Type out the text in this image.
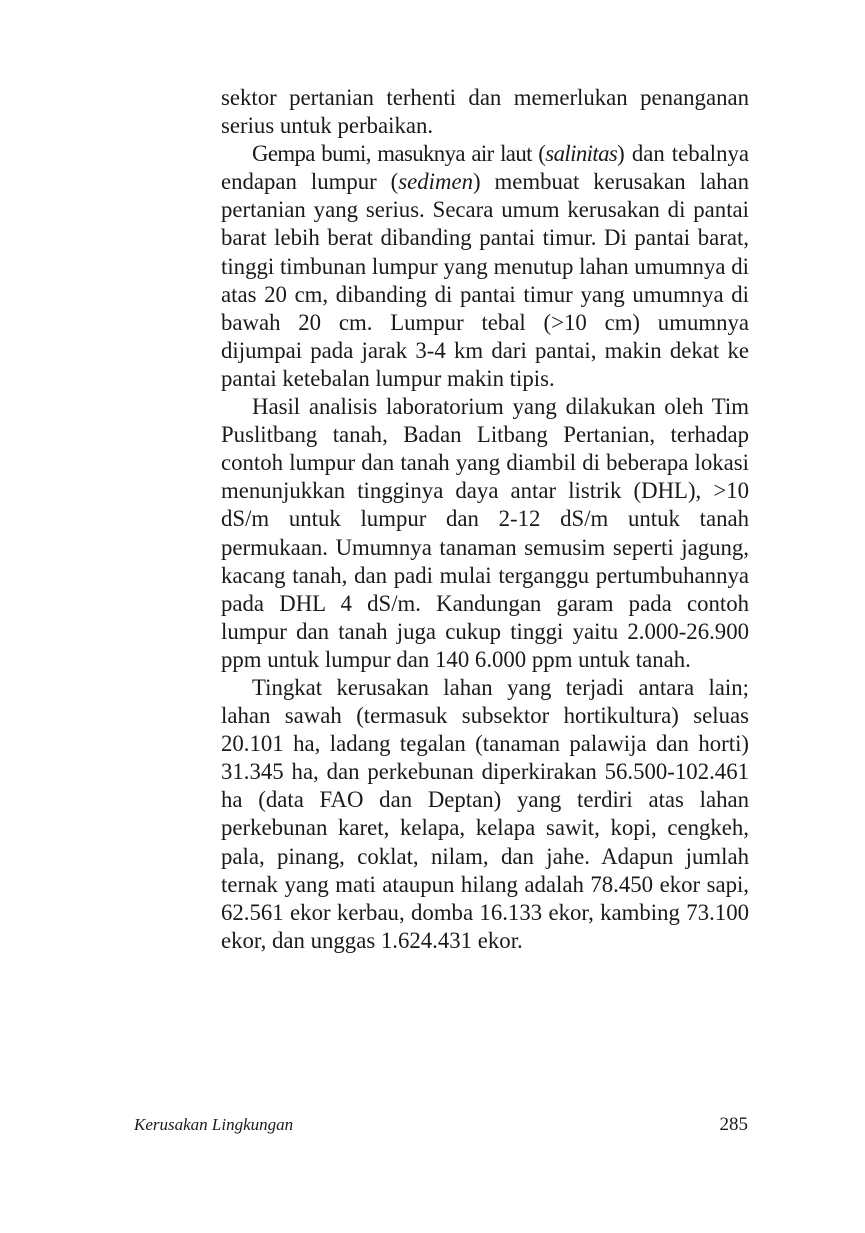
sektor pertanian terhenti dan memerlukan penanganan serius untuk perbaikan.

Gempa bumi, masuknya air laut (salinitas) dan tebalnya endapan lumpur (sedimen) membuat kerusakan lahan pertanian yang serius. Secara umum kerusakan di pantai barat lebih berat dibanding pantai timur. Di pantai barat, tinggi timbunan lumpur yang menutup lahan umumnya di atas 20 cm, dibanding di pantai timur yang umumnya di bawah 20 cm. Lumpur tebal (>10 cm) umumnya dijumpai pada jarak 3-4 km dari pantai, makin dekat ke pantai ketebalan lumpur makin tipis.

Hasil analisis laboratorium yang dilakukan oleh Tim Puslitbang tanah, Badan Litbang Pertanian, terhadap contoh lumpur dan tanah yang diambil di beberapa lokasi menunjukkan tingginya daya antar listrik (DHL), >10 dS/m untuk lumpur dan 2-12 dS/m untuk tanah permukaan. Umumnya tanaman semusim seperti jagung, kacang tanah, dan padi mulai terganggu pertumbuhannya pada DHL 4 dS/m. Kandungan garam pada contoh lumpur dan tanah juga cukup tinggi yaitu 2.000-26.900 ppm untuk lumpur dan 140 6.000 ppm untuk tanah.

Tingkat kerusakan lahan yang terjadi antara lain; lahan sawah (termasuk subsektor hortikultura) seluas 20.101 ha, ladang tegalan (tanaman palawija dan horti) 31.345 ha, dan perkebunan diperkirakan 56.500-102.461 ha (data FAO dan Deptan) yang terdiri atas lahan perkebunan karet, kelapa, kelapa sawit, kopi, cengkeh, pala, pinang, coklat, nilam, dan jahe. Adapun jumlah ternak yang mati ataupun hilang adalah 78.450 ekor sapi, 62.561 ekor kerbau, domba 16.133 ekor, kambing 73.100 ekor, dan unggas 1.624.431 ekor.

Kerusakan Lingkungan	285
